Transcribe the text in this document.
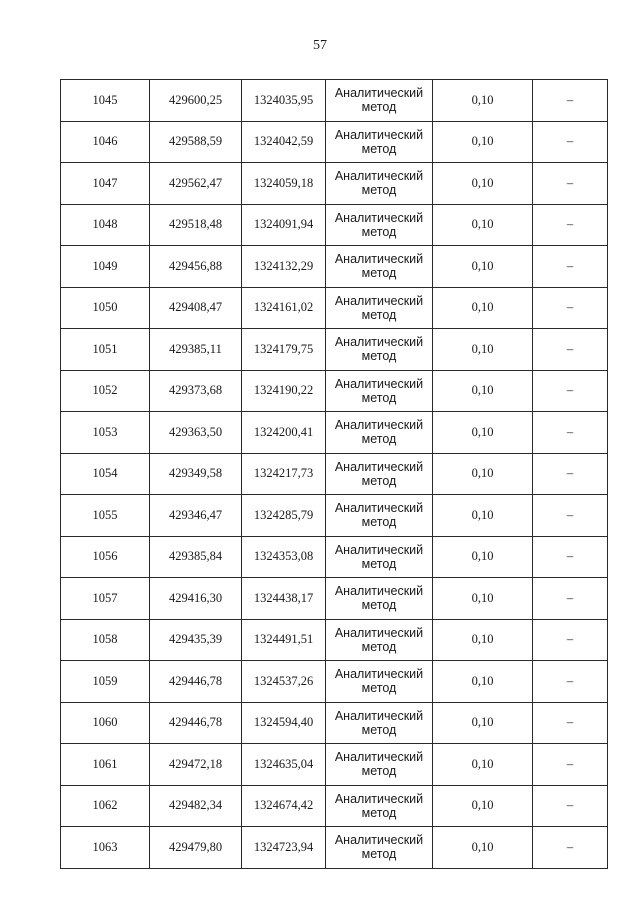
57
1045	429600,25	1324035,95	Аналитический метод	0,10	–
1046	429588,59	1324042,59	Аналитический метод	0,10	–
1047	429562,47	1324059,18	Аналитический метод	0,10	–
1048	429518,48	1324091,94	Аналитический метод	0,10	–
1049	429456,88	1324132,29	Аналитический метод	0,10	–
1050	429408,47	1324161,02	Аналитический метод	0,10	–
1051	429385,11	1324179,75	Аналитический метод	0,10	–
1052	429373,68	1324190,22	Аналитический метод	0,10	–
1053	429363,50	1324200,41	Аналитический метод	0,10	–
1054	429349,58	1324217,73	Аналитический метод	0,10	–
1055	429346,47	1324285,79	Аналитический метод	0,10	–
1056	429385,84	1324353,08	Аналитический метод	0,10	–
1057	429416,30	1324438,17	Аналитический метод	0,10	–
1058	429435,39	1324491,51	Аналитический метод	0,10	–
1059	429446,78	1324537,26	Аналитический метод	0,10	–
1060	429446,78	1324594,40	Аналитический метод	0,10	–
1061	429472,18	1324635,04	Аналитический метод	0,10	–
1062	429482,34	1324674,42	Аналитический метод	0,10	–
1063	429479,80	1324723,94	Аналитический метод	0,10	–
